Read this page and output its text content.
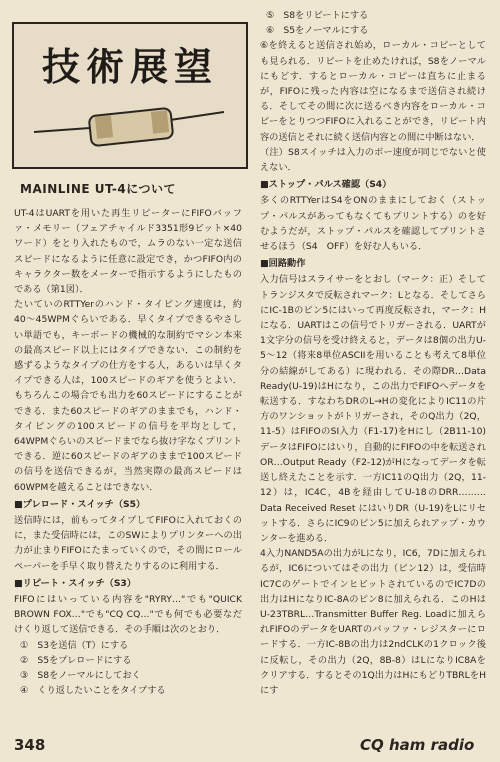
技術展望
MAINLINE UT-4について

UT-4はUARTを用いた再生リピーターにFIFOバッファ・メモリー（フェアチャイルド3351形9ビット×40ワード）をとり入れたもので，ムラのない一定な送信スピードになるように任意に設定でき，かつFIFO内のキャラクター数をメーターで指示するようにしたものである（第1図）．

たいていのRTTYerのハンド・タイピング速度は，約40〜45WPMぐらいである．早くタイプできるやさしい単語でも，キーボードの機械的な制約でマシン本来の最高スピード以上にはタイプできない．この制約を感ずるようなタイプの仕方をする人，あるいは早くタイプできる人は，100スピードのギアを使うとよい．もちろんこの場合でも出力を60スピードにすることができる．また60スピードのギアのままでも，ハンド・タイピングの100スピードの信号を平均として，64WPMぐらいのスピードまでなら抜け字なくプリントできる．逆に60スピードのギアのままで100スピードの信号を送信できるが，当然実際の最高スピードは60WPMを越えることはできない．

■プレロード・スイッチ（S5）

送信時には，前もってタイプしてFIFOに入れておくのに，また受信時には，このSWによりプリンターへの出力が止まりFIFOにたまっていくので，その間にロールペーパーを手早く取り替えたりするのに利用する．

■リピート・スイッチ（S3）

FIFOにはいっている内容を"RYRY…"でも"QUICK BROWN FOX…"でも"CQ CQ…"でも何でも必要なだけくり返して送信できる．その手順は次のとおり．

①　S3を送信（T）にする
②　S5をプレロードにする
③　S8をノーマルにしておく
④　くり返したいことをタイプする
⑤　S8をリピートにする
⑥　S5をノーマルにする

⑥を終えると送信され始め，ローカル・コピーとしても見られる．リピートを止めたければ，S8をノーマルにもどす．するとローカル・コピーは直ちに止まるが，FIFOに残った内容は空になるまで送信され続ける．そしてその間に次に送るべき内容をローカル・コピーをとりつつFIFOに入れることができ，リピート内容の送信とそれに続く送信内容との間に中断はない．

（注）S8スイッチは入力のボー速度が同じでないと使えない．

■ストップ・パルス確認（S4）

多くのRTTYerはS4をONのままにしておく（ストップ・パルスがあってもなくてもプリントする）のを好むようだが，ストップ・パルスを確認してプリントさせるほう（S4　OFF）を好む人もいる．

■回路動作

入力信号はスライサーをとおし（マーク：正）そしてトランジスタで反転されマーク：Lとなる．そしてさらにIC-1Bのピン5にはいって再度反転され，マーク：Hになる．UARTはこの信号でトリガーされる．UARTが1文字分の信号を受け終えると，データは8個の出力U-5〜12（将来8単位ASCIIを用いることも考えて8単位分の結線がしてある）に現われる．その際DR…Data Ready(U-19)はHになり，この出力でFIFOへデータを転送する．すなわちDRのL→Hの変化によりIC11の片方のワンショットがトリガーされ，そのQ出力（2Q，11-5）はFIFOのSI入力（F1-17)をHにし（2B11-10)データはFIFOにはいり，自動的にFIFOの中を転送されOR…Output Ready（F2-12)がHになってデータを転送し終えたことを示す．一方IC11のQ出力（2Q，11-12）は，IC4C，4Bを経由してU-18のDRR………Data Received Reset にはいりDR（U-19)をLにリセットする．さらにIC9のピン5に加えられアップ・カウンターを進める．

4入力NAND5Aの出力がLになり，IC6，7Dに加えられるが，IC6についてはその出力（ピン12）は，受信時IC7CのゲートでインヒビットされているのでIC7Dの出力はHになりIC-8Aのピン8に加えられる．このHはU-23TBRL…Transmitter Buffer Reg. Loadに加えられFIFOのデータをUARTのバッファ・レジスターにロードする．一方IC-8Bの出力は2ndCLKの1クロック後に反転し，その出力（2Q，8B-8）はLになりIC8Aをクリアする．するとその1Q出力はHにもどりTBRLをHにす

348	CQ ham radio
